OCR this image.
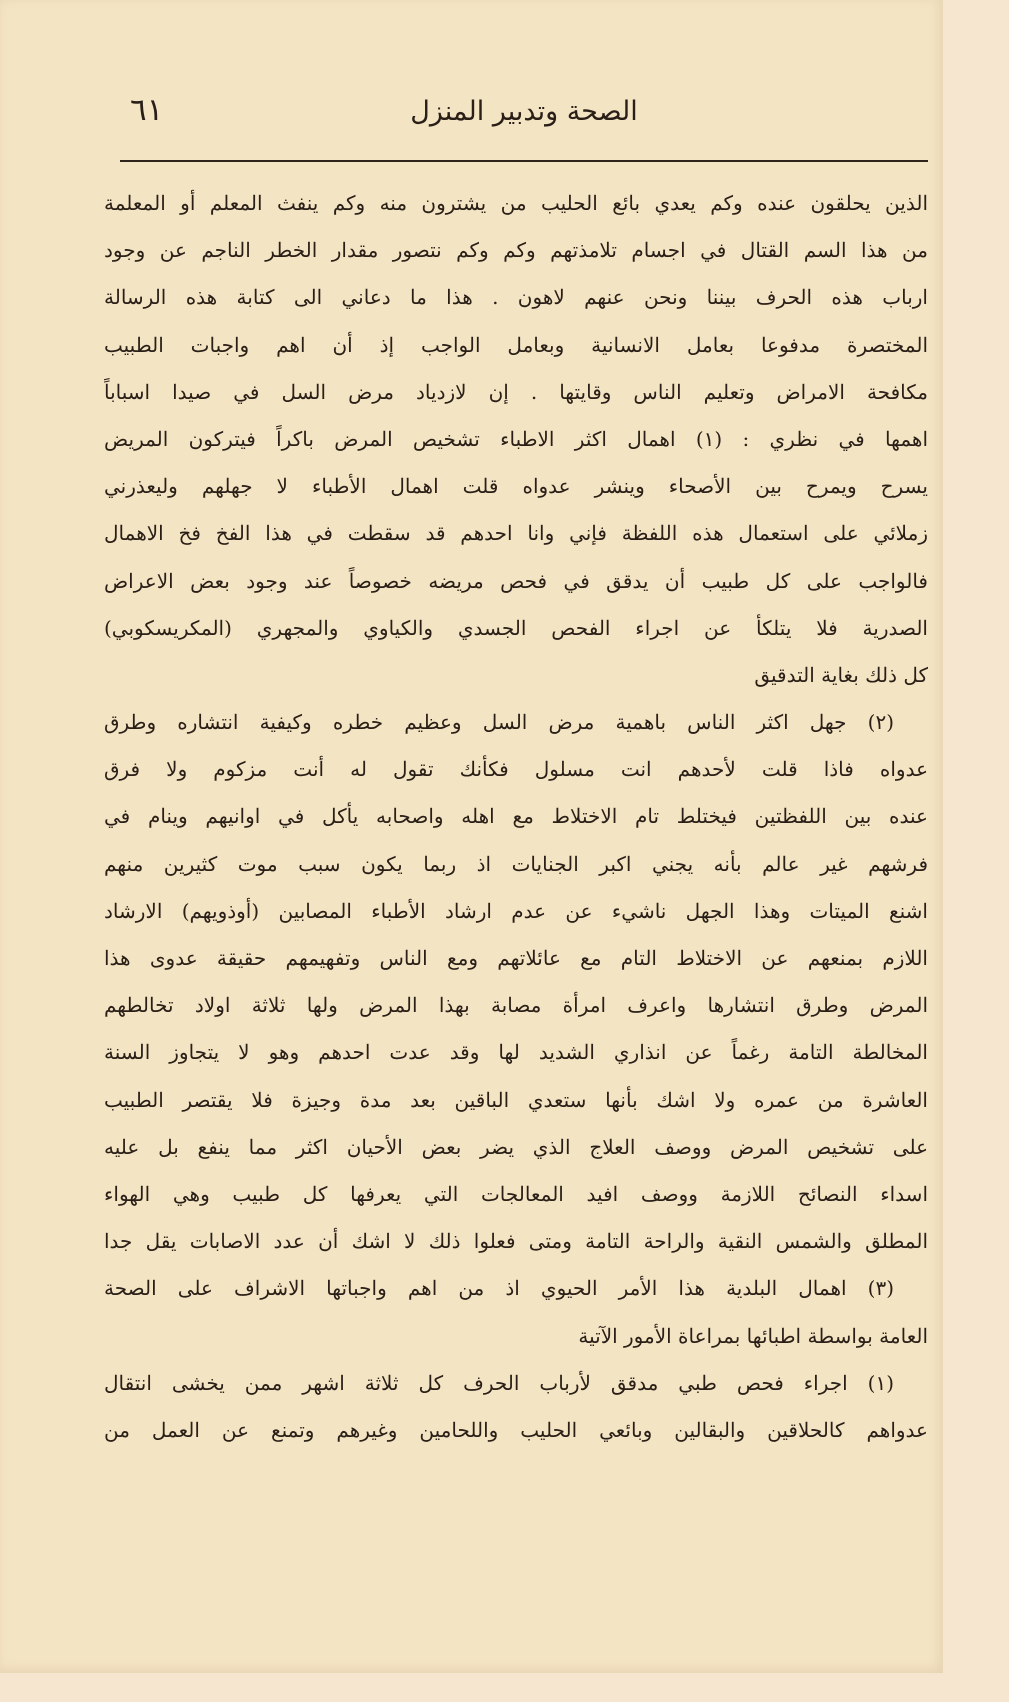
الصحة وتدبير المنزل
٦١
الذين يحلقون عنده وكم يعدي بائع الحليب من يشترون منه وكم ينفث المعلم أو المعلمة
من هذا السم القتال في اجسام تلامذتهم وكم وكم نتصور مقدار الخطر الناجم عن وجود
ارباب هذه الحرف بيننا ونحن عنهم لاهون . هذا ما دعاني الى كتابة هذه الرسالة
المختصرة مدفوعا بعامل الانسانية وبعامل الواجب إذ أن اهم واجبات الطبيب
مكافحة الامراض وتعليم الناس وقايتها . إن لازدياد مرض السل في صيدا اسباباً
اهمها في نظري : (١) اهمال اكثر الاطباء تشخيص المرض باكراً فيتركون المريض
يسرح ويمرح بين الأصحاء وينشر عدواه قلت اهمال الأطباء لا جهلهم وليعذرني
زملائي على استعمال هذه اللفظة فإني وانا احدهم قد سقطت في هذا الفخ فخ الاهمال
فالواجب على كل طبيب أن يدقق في فحص مريضه خصوصاً عند وجود بعض الاعراض
الصدرية فلا يتلكأ عن اجراء الفحص الجسدي والكياوي والمجهري (المكريسكوبي)
كل ذلك بغاية التدقيق
(٢) جهل اكثر الناس باهمية مرض السل وعظيم خطره وكيفية انتشاره وطرق
عدواه فاذا قلت لأحدهم انت مسلول فكأنك تقول له أنت مزكوم ولا فرق
عنده بين اللفظتين فيختلط تام الاختلاط مع اهله واصحابه يأكل في اوانيهم وينام في
فرشهم غير عالم بأنه يجني اكبر الجنايات اذ ربما يكون سبب موت كثيرين منهم
اشنع الميتات وهذا الجهل ناشيء عن عدم ارشاد الأطباء المصابين (أوذويهم) الارشاد
اللازم بمنعهم عن الاختلاط التام مع عائلاتهم ومع الناس وتفهيمهم حقيقة عدوى هذا
المرض وطرق انتشارها واعرف امرأة مصابة بهذا المرض ولها ثلاثة اولاد تخالطهم
المخالطة التامة رغماً عن انذاري الشديد لها وقد عدت احدهم وهو لا يتجاوز السنة
العاشرة من عمره ولا اشك بأنها ستعدي الباقين بعد مدة وجيزة فلا يقتصر الطبيب
على تشخيص المرض ووصف العلاج الذي يضر بعض الأحيان اكثر مما ينفع بل عليه
اسداء النصائح اللازمة ووصف افيد المعالجات التي يعرفها كل طبيب وهي الهواء
المطلق والشمس النقية والراحة التامة ومتى فعلوا ذلك لا اشك أن عدد الاصابات يقل جدا
(٣) اهمال البلدية هذا الأمر الحيوي اذ من اهم واجباتها الاشراف على الصحة
العامة بواسطة اطبائها بمراعاة الأمور الآتية
(١) اجراء فحص طبي مدقق لأرباب الحرف كل ثلاثة اشهر ممن يخشى انتقال
عدواهم كالحلاقين والبقالين وبائعي الحليب واللحامين وغيرهم وتمنع عن العمل من
